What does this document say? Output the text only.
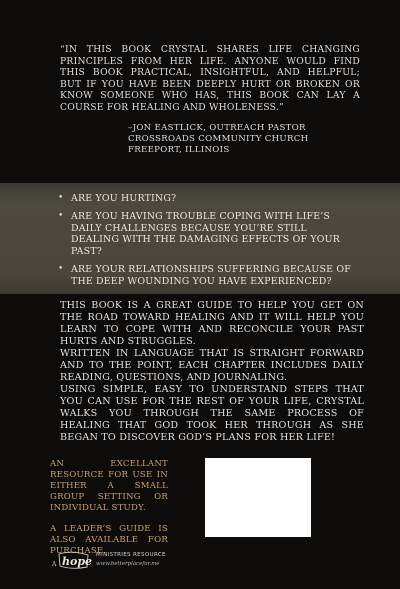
“IN THIS BOOK CRYSTAL SHARES LIFE CHANGING PRINCIPLES FROM HER LIFE. ANYONE WOULD FIND THIS BOOK PRACTICAL, INSIGHTFUL, AND HELPFUL; BUT IF YOU HAVE BEEN DEEPLY HURT OR BROKEN OR KNOW SOMEONE WHO HAS, THIS BOOK CAN LAY A COURSE FOR HEALING AND WHOLENESS.”

–JON EASTLICK, OUTREACH PASTOR
CROSSROADS COMMUNITY CHURCH
FREEPORT, ILLINOIS
• ARE YOU HURTING?
• ARE YOU HAVING TROUBLE COPING WITH LIFE’S DAILY CHALLENGES BECAUSE YOU’RE STILL DEALING WITH THE DAMAGING EFFECTS OF YOUR PAST?
• ARE YOUR RELATIONSHIPS SUFFERING BECAUSE OF THE DEEP WOUNDING YOU HAVE EXPERIENCED?

THIS BOOK IS A GREAT GUIDE TO HELP YOU GET ON THE ROAD TOWARD HEALING AND IT WILL HELP YOU LEARN TO COPE WITH AND RECONCILE YOUR PAST HURTS AND STRUGGLES.

WRITTEN IN LANGUAGE THAT IS STRAIGHT FORWARD AND TO THE POINT, EACH CHAPTER INCLUDES DAILY READING, QUESTIONS, AND JOURNALING.

USING SIMPLE, EASY TO UNDERSTAND STEPS THAT YOU CAN USE FOR THE REST OF YOUR LIFE, CRYSTAL WALKS YOU THROUGH THE SAME PROCESS OF HEALING THAT GOD TOOK HER THROUGH AS SHE BEGAN TO DISCOVER GOD’S PLANS FOR HER LIFE!

AN EXCELLANT RESOURCE FOR USE IN EITHER A SMALL GROUP SETTING OR INDIVIDUAL STUDY.

A LEADER’S GUIDE IS ALSO AVAILABLE FOR PURCHASE.

A hope MINISTRIES RESOURCE
www.betterplacefor.me
